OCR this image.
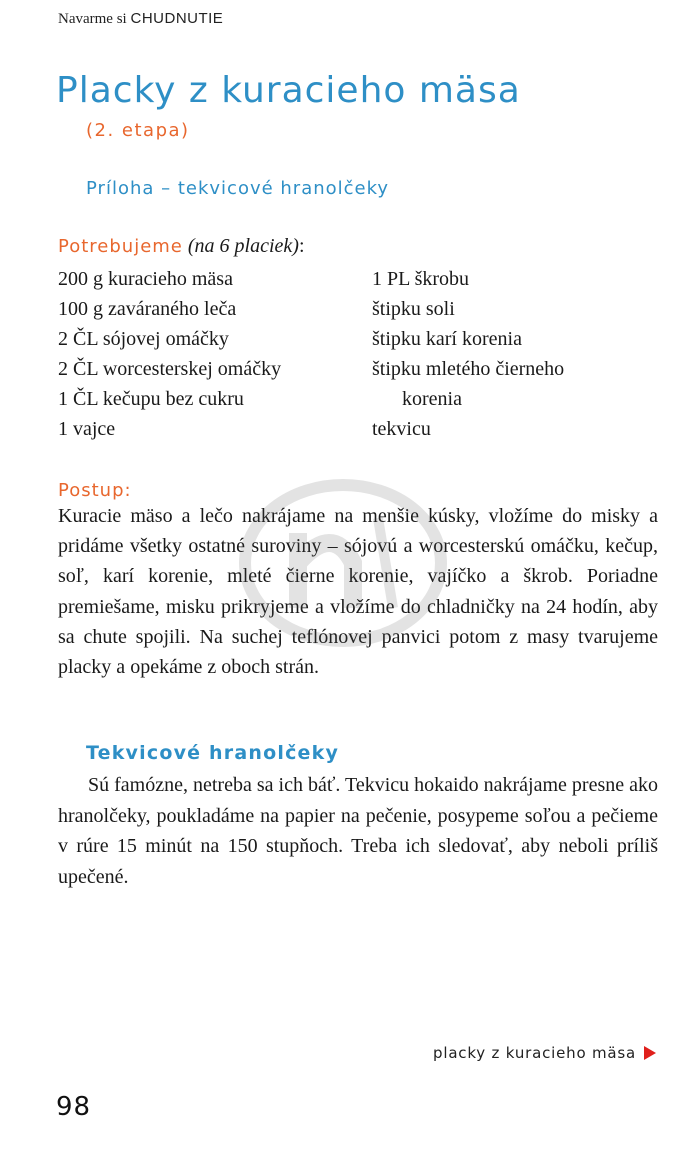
Navarme si CHUDNUTIE
Placky z kuracieho mäsa
(2. etapa)
Príloha – tekvicové hranolčeky
Potrebujeme (na 6 placiek):
200 g kuracieho mäsa
100 g zaváraného leča
2 ČL sójovej omáčky
2 ČL worcesterskej omáčky
1 ČL kečupu bez cukru
1 vajce
1 PL škrobu
štipku soli
štipku karí korenia
štipku mletého čierneho
korenia
tekvicu
Postup:

Kuracie mäso a lečo nakrájame na menšie kúsky, vložíme do misky a pridáme všetky ostatné suroviny – sójovú a worcesterskú omáčku, kečup, soľ, karí korenie, mleté čierne korenie, vajíčko a škrob. Poriadne premiešame, misku prikryjeme a vložíme do chladničky na 24 hodín, aby sa chute spojili. Na suchej teflónovej panvici potom z masy tvarujeme placky a opekáme z oboch strán.

Tekvicové hranolčeky

Sú famózne, netreba sa ich báť. Tekvicu hokaido nakrájame presne ako hranolčeky, poukladáme na papier na pečenie, posypeme soľou a pečieme v rúre 15 minút na 150 stupňoch. Treba ich sledovať, aby neboli príliš upečené.

placky z kuracieho mäsa
98
